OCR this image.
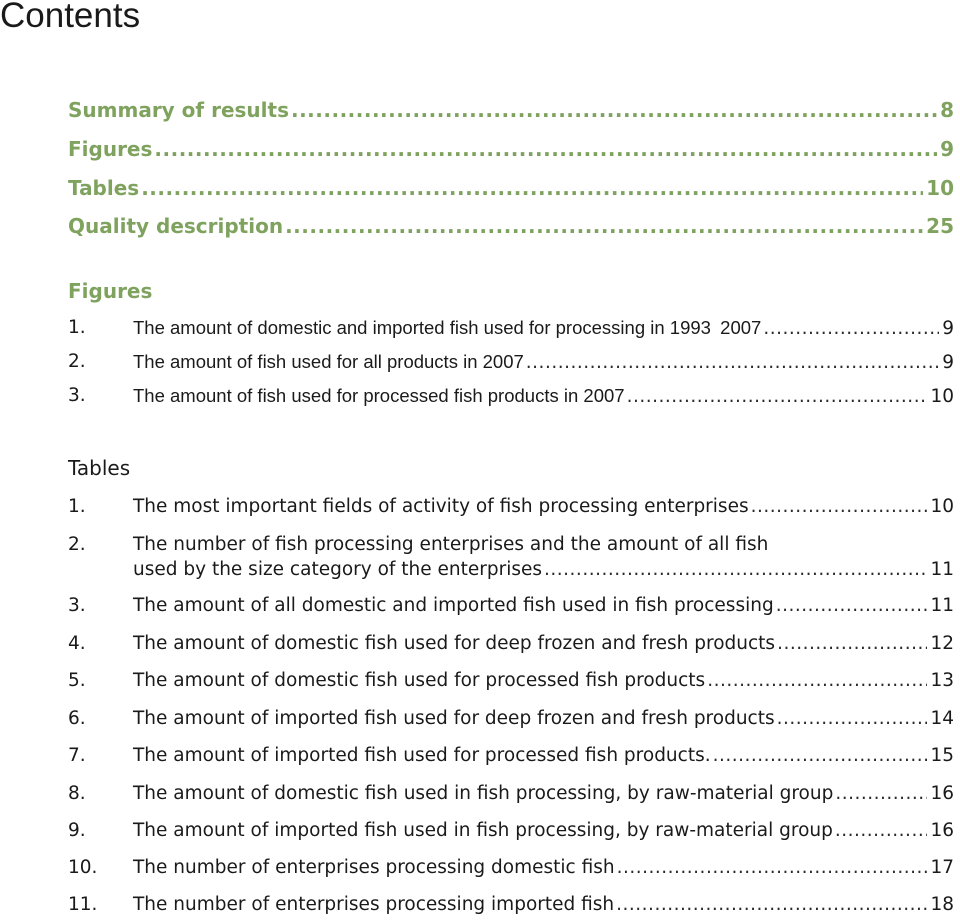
Contents
Summary of results .....	8
Figures .....	9
Tables .....	10
Quality description .....	25
Figures
1.	The amount of domestic and imported fish used for processing in 1993 2007 .....	9
2.	The amount of fish used for all products in 2007 .....	9
3.	The amount of fish used for processed fish products in 2007 .....	10
Tables
1.	The most important fields of activity of fish processing enterprises .....	10
2.	The number of fish processing enterprises and the amount of all fish
used by the size category of the enterprises .....	11
3.	The amount of all domestic and imported fish used in fish processing .....	11
4.	The amount of domestic fish used for deep frozen and fresh products .....	12
5.	The amount of domestic fish used for processed fish products .....	13
6.	The amount of imported fish used for deep frozen and fresh products .....	14
7.	The amount of imported fish used for processed fish products. .....	15
8.	The amount of domestic fish used in fish processing, by raw-material group .....	16
9.	The amount of imported fish used in fish processing, by raw-material group .....	16
10. The number of enterprises processing domestic fish .....	17
11. The number of enterprises processing imported fish .....	18
